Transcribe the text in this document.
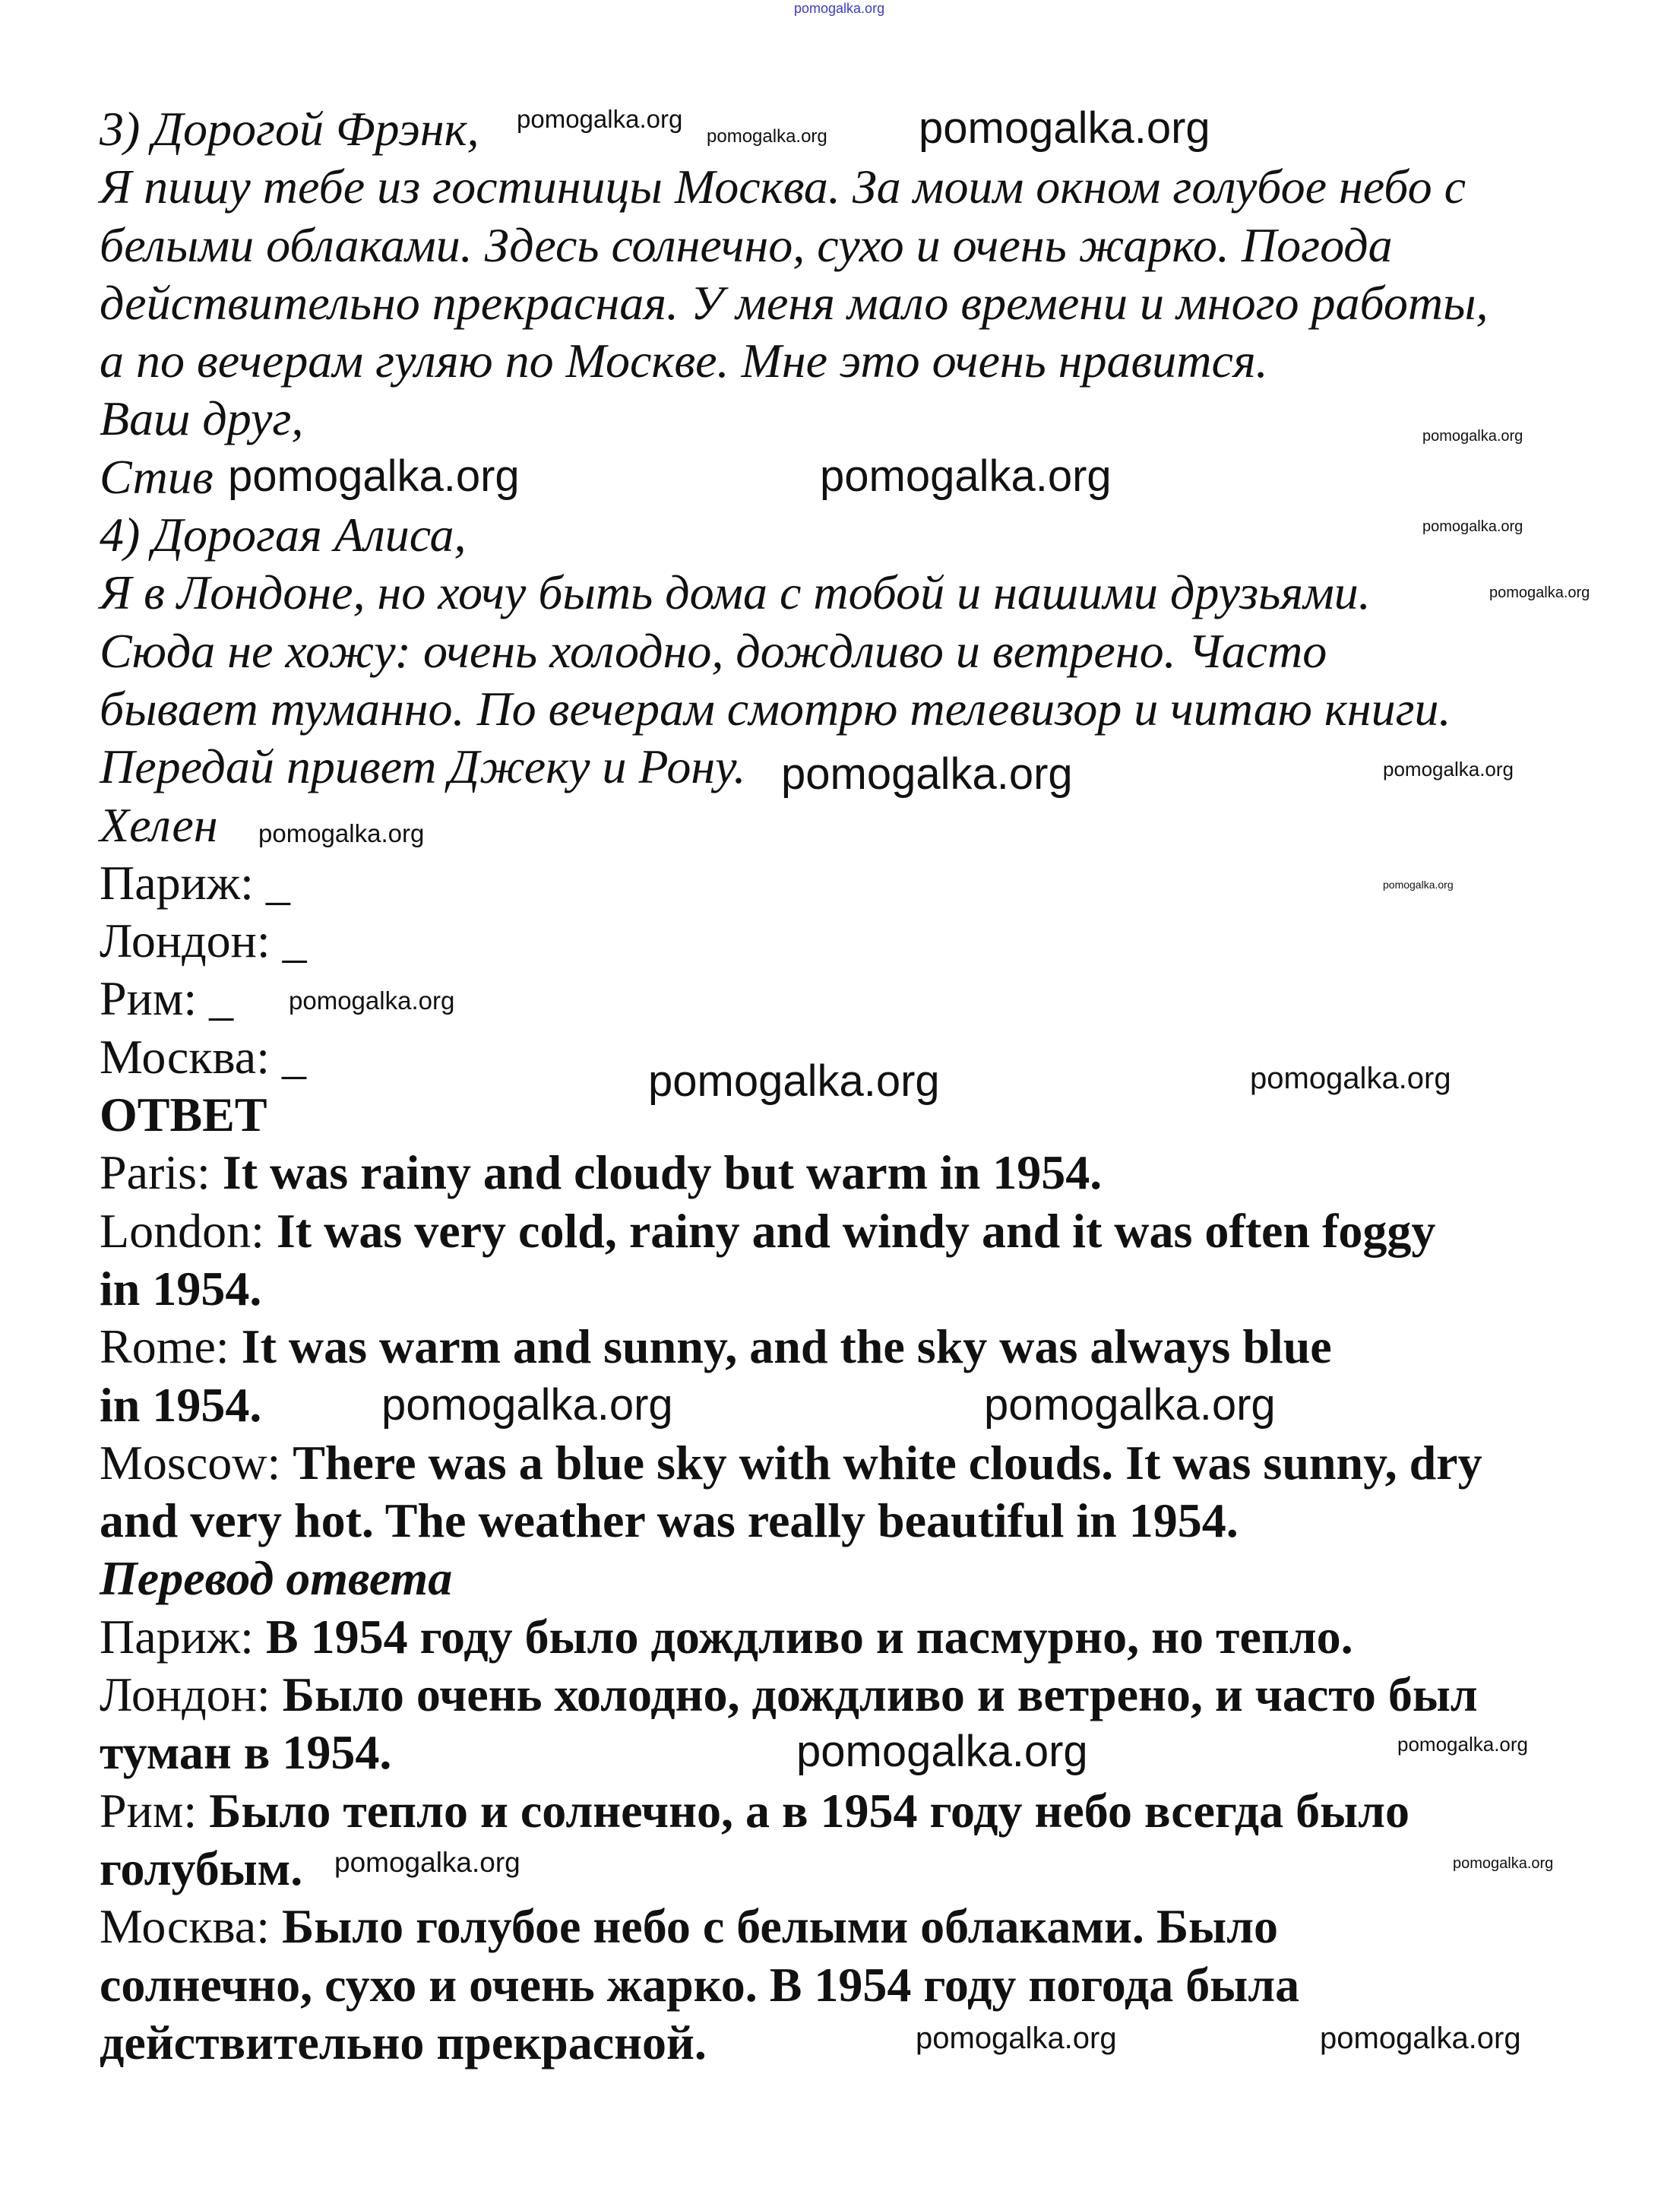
3) Дорогой Фрэнк,
Я пишу тебе из гостиницы Москва. За моим окном голубое небо с
белыми облаками. Здесь солнечно, сухо и очень жарко. Погода
действительно прекрасная. У меня мало времени и много работы,
а по вечерам гуляю по Москве. Мне это очень нравится.
Ваш друг,
Стив
4) Дорогая Алиса,
Я в Лондоне, но хочу быть дома с тобой и нашими друзьями.
Сюда не хожу: очень холодно, дождливо и ветрено. Часто
бывает туманно. По вечерам смотрю телевизор и читаю книги.
Передай привет Джеку и Рону.
Хелен
Париж: _
Лондон: _
Рим: _
Москва: _
ОТВЕТ
Paris: It was rainy and cloudy but warm in 1954.
London: It was very cold, rainy and windy and it was often foggy
in 1954.
Rome: It was warm and sunny, and the sky was always blue
in 1954.
Moscow: There was a blue sky with white clouds. It was sunny, dry
and very hot. The weather was really beautiful in 1954.
Перевод ответа
Париж: В 1954 году было дождливо и пасмурно, но тепло.
Лондон: Было очень холодно, дождливо и ветрено, и часто был
туман в 1954.
Рим: Было тепло и солнечно, а в 1954 году небо всегда было
голубым.
Москва: Было голубое небо с белыми облаками. Было
солнечно, сухо и очень жарко. В 1954 году погода была
действительно прекрасной.
pomogalka.org
pomogalka.org
pomogalka.org
pomogalka.org
pomogalka.org
pomogalka.org	pomogalka.org
pomogalka.org
pomogalka.org
pomogalka.org	pomogalka.org
pomogalka.org
pomogalka.org
pomogalka.org
pomogalka.org	pomogalka.org
pomogalka.org	pomogalka.org
pomogalka.org	pomogalka.org
pomogalka.org	pomogalka.org
pomogalka.org	pomogalka.org
